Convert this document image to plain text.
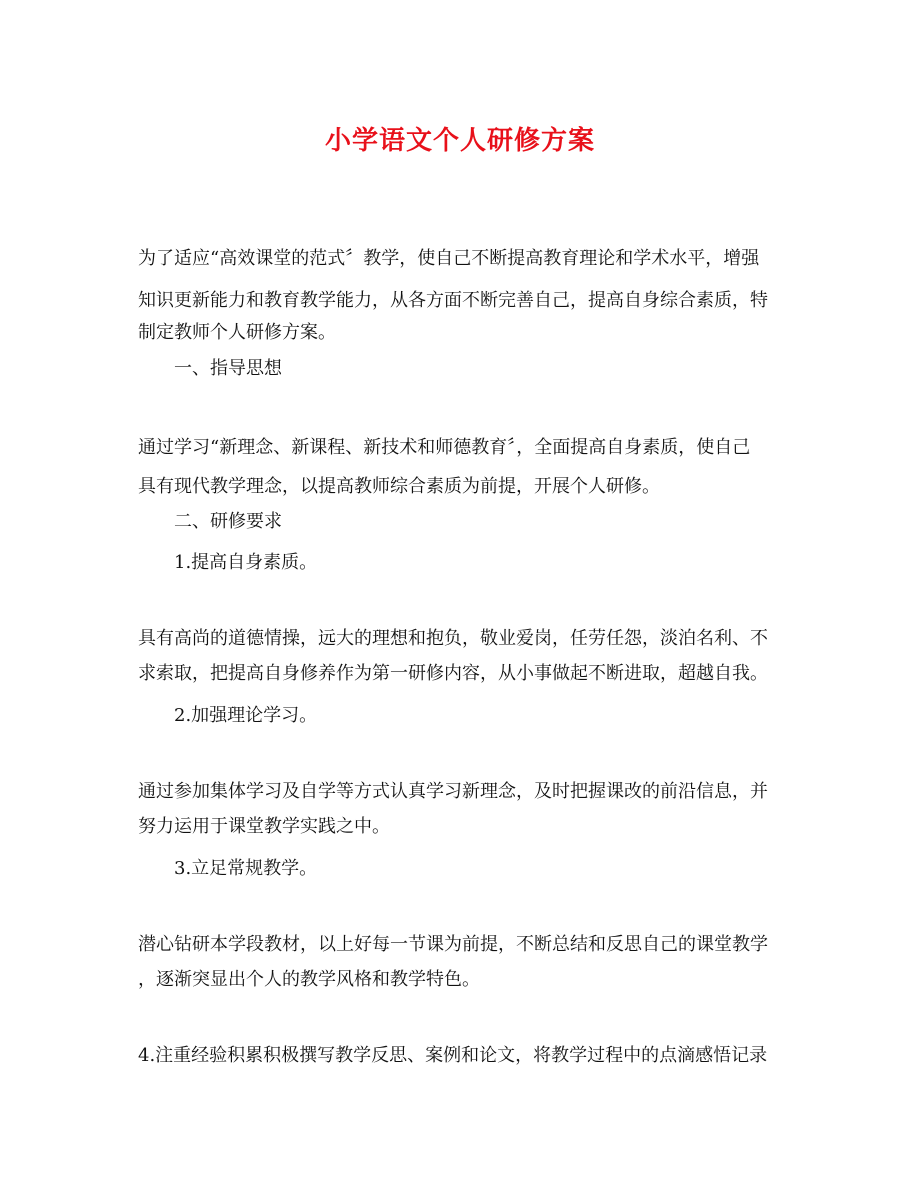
小学语文个人研修方案
为了适应“高效课堂的范式〞教学，使自己不断提高教育理论和学术水平，增强
知识更新能力和教育教学能力，从各方面不断完善自己，提高自身综合素质，特
制定教师个人研修方案。
一、指导思想
通过学习“新理念、新课程、新技术和师德教育〞，全面提高自身素质，使自己
具有现代教学理念，以提高教师综合素质为前提，开展个人研修。
二、研修要求
1.提高自身素质。
具有高尚的道德情操，远大的理想和抱负，敬业爱岗，任劳任怨，淡泊名利、不
求索取，把提高自身修养作为第一研修内容，从小事做起不断进取，超越自我。
2.加强理论学习。
通过参加集体学习及自学等方式认真学习新理念，及时把握课改的前沿信息，并
努力运用于课堂教学实践之中。
3.立足常规教学。
潜心钻研本学段教材，以上好每一节课为前提，不断总结和反思自己的课堂教学
，逐渐突显出个人的教学风格和教学特色。
4.注重经验积累积极撰写教学反思、案例和论文，将教学过程中的点滴感悟记录
